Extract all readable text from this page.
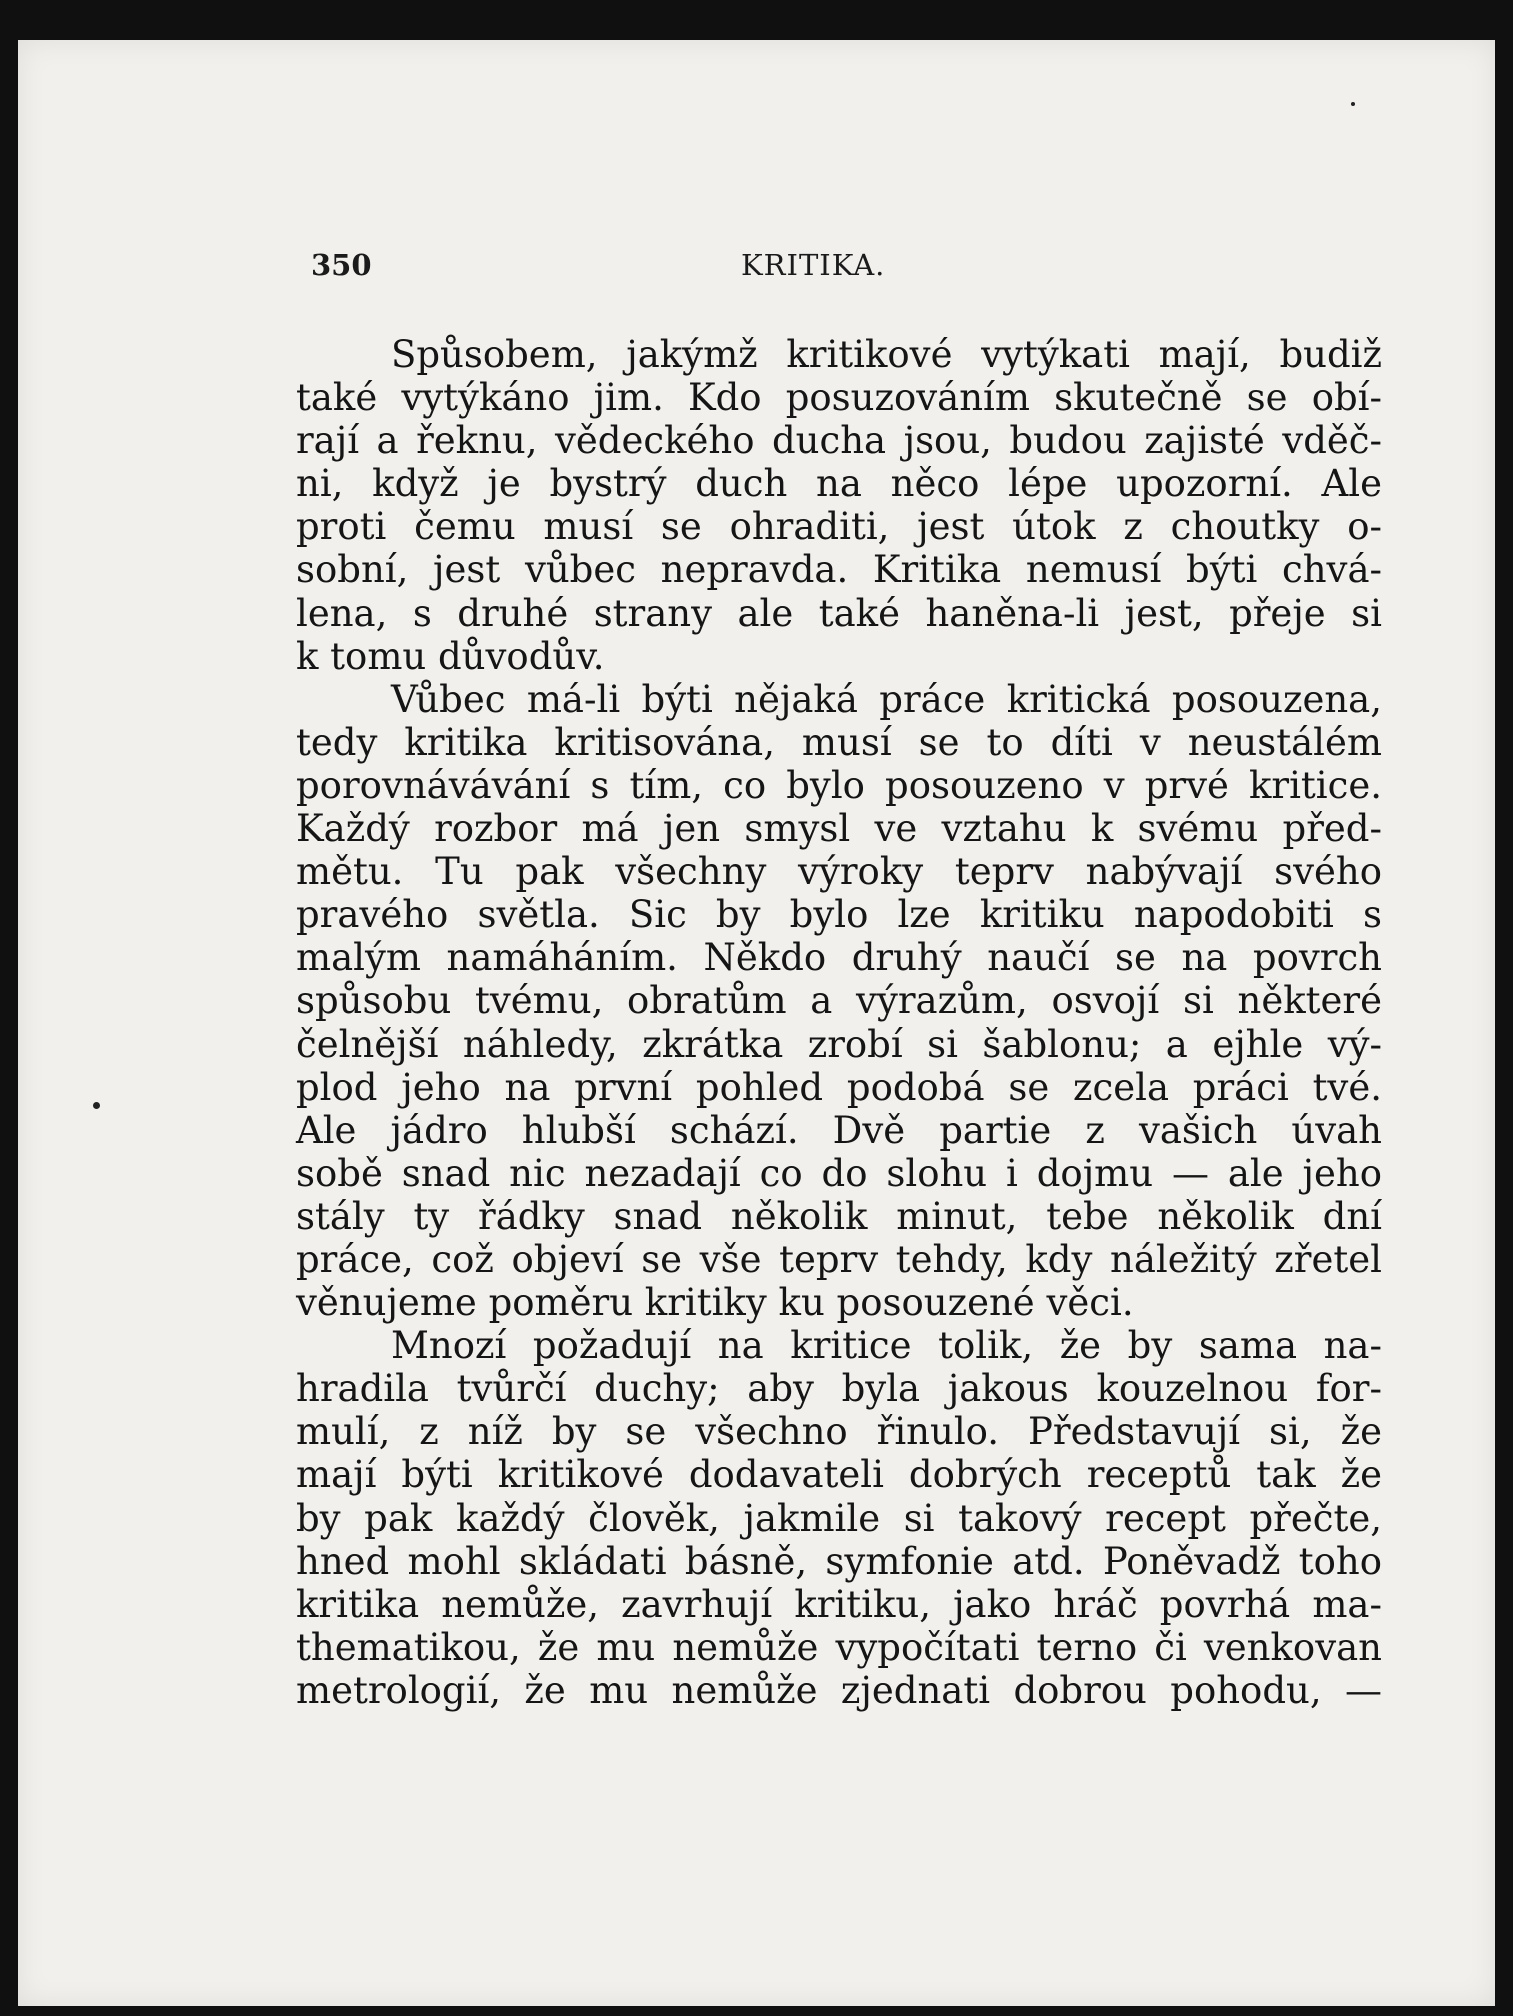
350	KRITIKA.
Spůsobem, jakýmž kritikové vytýkati mají, budiž
také vytýkáno jim. Kdo posuzováním skutečně se obí-
rají a řeknu, vědeckého ducha jsou, budou zajisté vděč-
ni, když je bystrý duch na něco lépe upozorní. Ale
proti čemu musí se ohraditi, jest útok z choutky o-
sobní, jest vůbec nepravda. Kritika nemusí býti chvá-
lena, s druhé strany ale také haněna-li jest, přeje si
k tomu důvodův.
Vůbec má-li býti nějaká práce kritická posouzena,
tedy kritika kritisována, musí se to díti v neustálém
porovnávávání s tím, co bylo posouzeno v prvé kritice.
Každý rozbor má jen smysl ve vztahu k svému před-
mětu. Tu pak všechny výroky teprv nabývají svého
pravého světla. Sic by bylo lze kritiku napodobiti s
malým namáháním. Někdo druhý naučí se na povrch
spůsobu tvému, obratům a výrazům, osvojí si některé
čelnější náhledy, zkrátka zrobí si šablonu; a ejhle vý-
plod jeho na první pohled podobá se zcela práci tvé.
Ale jádro hlubší schází. Dvě partie z vašich úvah
sobě snad nic nezadají co do slohu i dojmu — ale jeho
stály ty řádky snad několik minut, tebe několik dní
práce, což objeví se vše teprv tehdy, kdy náležitý zřetel
věnujeme poměru kritiky ku posouzené věci.
Mnozí požadují na kritice tolik, že by sama na-
hradila tvůrčí duchy; aby byla jakous kouzelnou for-
mulí, z níž by se všechno řinulo. Představují si, že
mají býti kritikové dodavateli dobrých receptů tak že
by pak každý člověk, jakmile si takový recept přečte,
hned mohl skládati básně, symfonie atd. Poněvadž toho
kritika nemůže, zavrhují kritiku, jako hráč povrhá ma-
thematikou, že mu nemůže vypočítati terno či venkovan
metrologií, že mu nemůže zjednati dobrou pohodu, —
